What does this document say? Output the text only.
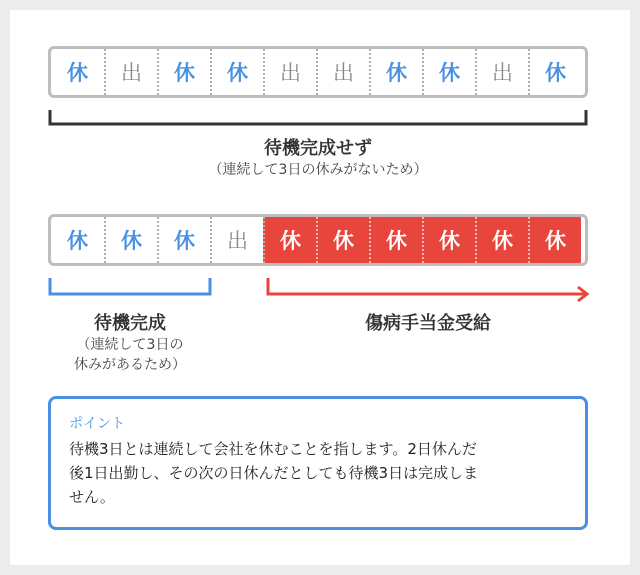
休	出	休	休	出	出	休	休	出	休
待機完成せず
（連続して3日の休みがないため）
休	休	休	出	休	休	休	休	休	休
待機完成
（連続して3日の
休みがあるため）
傷病手当金受給
ポイント
待機3日とは連続して会社を休むことを指します。2日休んだ
後1日出勤し、その次の日休んだとしても待機3日は完成しま
せん。
